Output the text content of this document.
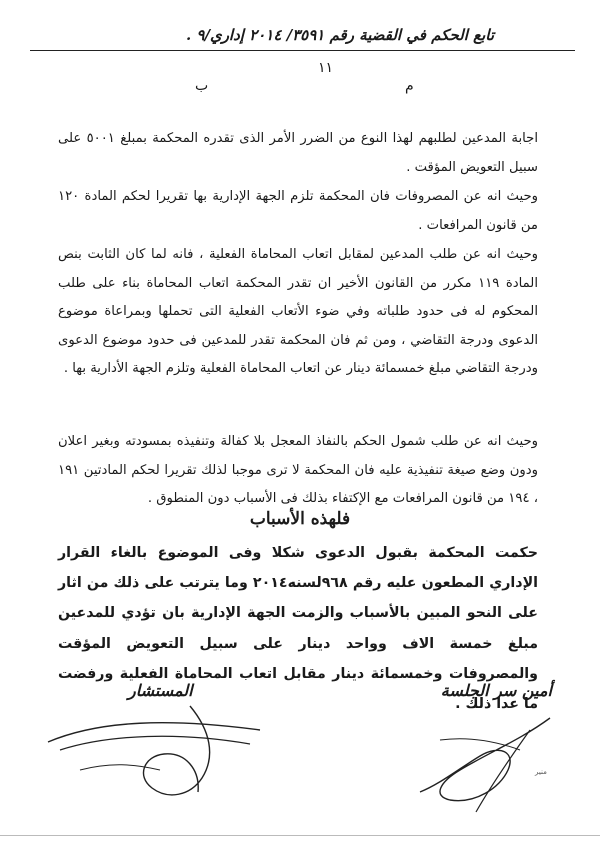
تابع الحكم في القضية رقم ٣٥٩١/ ٢٠١٤ إداري/٩ .
١١
م
ب

اجابة المدعين لطلبهم لهذا النوع من الضرر الأمر الذى تقدره المحكمة بمبلغ ٥٠٠١ على سبيل التعويض المؤقت .

وحيث انه عن المصروفات فان المحكمة تلزم الجهة الإدارية بها تقريرا لحكم المادة ١٢٠ من قانون المرافعات .

وحيث انه عن طلب المدعين لمقابل اتعاب المحاماة الفعلية ، فانه لما كان الثابت بنص المادة ١١٩ مكرر من القانون الأخير ان تقدر المحكمة اتعاب المحاماة بناء على طلب المحكوم له فى حدود طلباته وفي ضوء الأتعاب الفعلية التى تحملها وبمراعاة موضوع الدعوى ودرجة التقاضي ، ومن ثم فان المحكمة تقدر للمدعين فى حدود موضوع الدعوى ودرجة التقاضي مبلغ خمسمائة دينار عن اتعاب المحاماة الفعلية وتلزم الجهة الأدارية بها .

وحيث انه عن طلب شمول الحكم بالنفاذ المعجل بلا كفالة وتنفيذه بمسودته وبغير اعلان ودون وضع صيغة تنفيذية عليه فان المحكمة لا ترى موجبا لذلك تقريرا لحكم المادتين ١٩١ ، ١٩٤ من قانون المرافعات مع الإكتفاء بذلك فى الأسباب دون المنطوق .

فلهذه الأسباب

حكمت المحكمة بقبول الدعوى شكلا وفى الموضوع بالغاء القرار الإداري المطعون عليه رقم ٩٦٨لسنه٢٠١٤ وما يترتب على ذلك من اثار على النحو المبين بالأسباب والزمت الجهة الإدارية بان تؤدي للمدعين مبلغ خمسة الاف وواحد دينار على سبيل التعويض المؤقت والمصروفات وخمسمائة دينار مقابل اتعاب المحاماة الفعلية ورفضت ما عدا ذلك .

أمين سر الجلسة
المستشار
منير
